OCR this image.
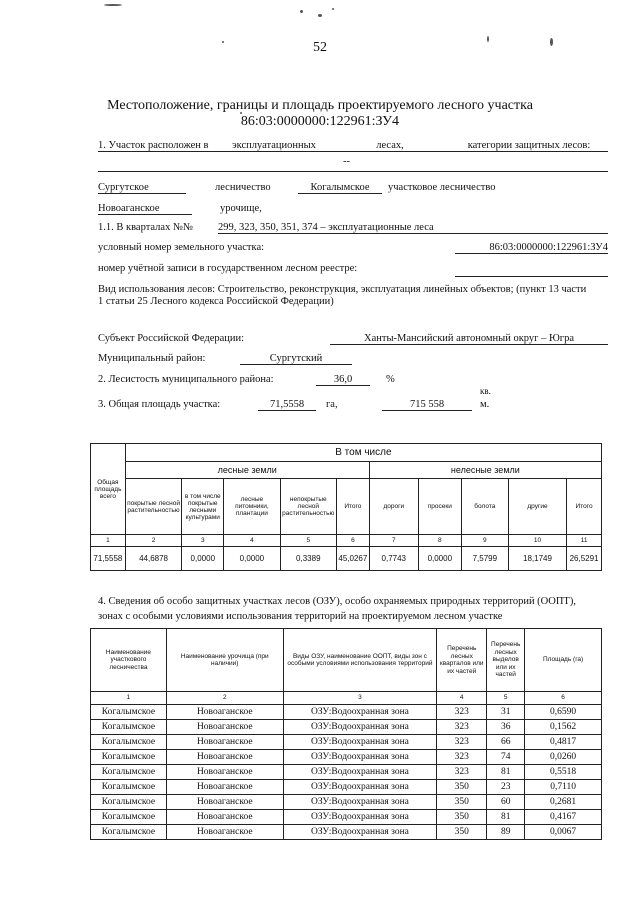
52
Местоположение, границы и площадь проектируемого лесного участка
86:03:0000000:122961:ЗУ4
1. Участок расположен в	эксплуатационных	лесах,	категории защитных лесов:
--
Сургутское	лесничество	Когалымское	участковое лесничество
Новоаганское	урочище,
1.1. В кварталах №№ 299, 323, 350, 351, 374 – эксплуатационные леса
условный номер земельного участка:	86:03:0000000:122961:ЗУ4
номер учётной записи в государственном лесном реестре:
Вид использования лесов: Строительство, реконструкция, эксплуатация линейных объектов; (пункт 13 части
1 статьи 25 Лесного кодекса Российской Федерации)
Субъект Российской Федерации:	Ханты-Мансийский автономный округ – Югра
Муниципальный район:	Сургутский
2. Лесистость муниципального района:	36,0	%
3. Общая площадь участка:	71,5558	га,	715 558
кв.
м.
Общая площадь всего	В том числе									
	лесные земли					нелесные земли				
	покрытые лесной растительностью	в том числе покрытые лесными культурами	лесные питомники, плантации	непокрытые лесной растительностью	Итого	дороги	просеки	болота	другие	Итого
1	2	3	4	5	6	7	8	9	10	11
71,5558	44,6878	0,0000	0,0000	0,3389	45,0267	0,7743	0,0000	7,5799	18,1749	26,5291
4. Сведения об особо защитных участках лесов (ОЗУ), особо охраняемых природных территорий (ООПТ),
зонах с особыми условиями использования территорий на проектируемом лесном участке
Наименование участкового лесничества	Наименование урочища (при наличии)	Виды ОЗУ, наименование ООПТ, виды зон с особыми условиями использования территорий	Перечень лесных кварталов или их частей	Перечень лесных выделов или их частей	Площадь (га)
1	2	3	4	5	6
Когалымское	Новоаганское	ОЗУ:Водоохранная зона	323	31	0,6590
Когалымское	Новоаганское	ОЗУ:Водоохранная зона	323	36	0,1562
Когалымское	Новоаганское	ОЗУ:Водоохранная зона	323	66	0,4817
Когалымское	Новоаганское	ОЗУ:Водоохранная зона	323	74	0,0260
Когалымское	Новоаганское	ОЗУ:Водоохранная зона	323	81	0,5518
Когалымское	Новоаганское	ОЗУ:Водоохранная зона	350	23	0,7110
Когалымское	Новоаганское	ОЗУ:Водоохранная зона	350	60	0,2681
Когалымское	Новоаганское	ОЗУ:Водоохранная зона	350	81	0,4167
Когалымское	Новоаганское	ОЗУ:Водоохранная зона	350	89	0,0067
